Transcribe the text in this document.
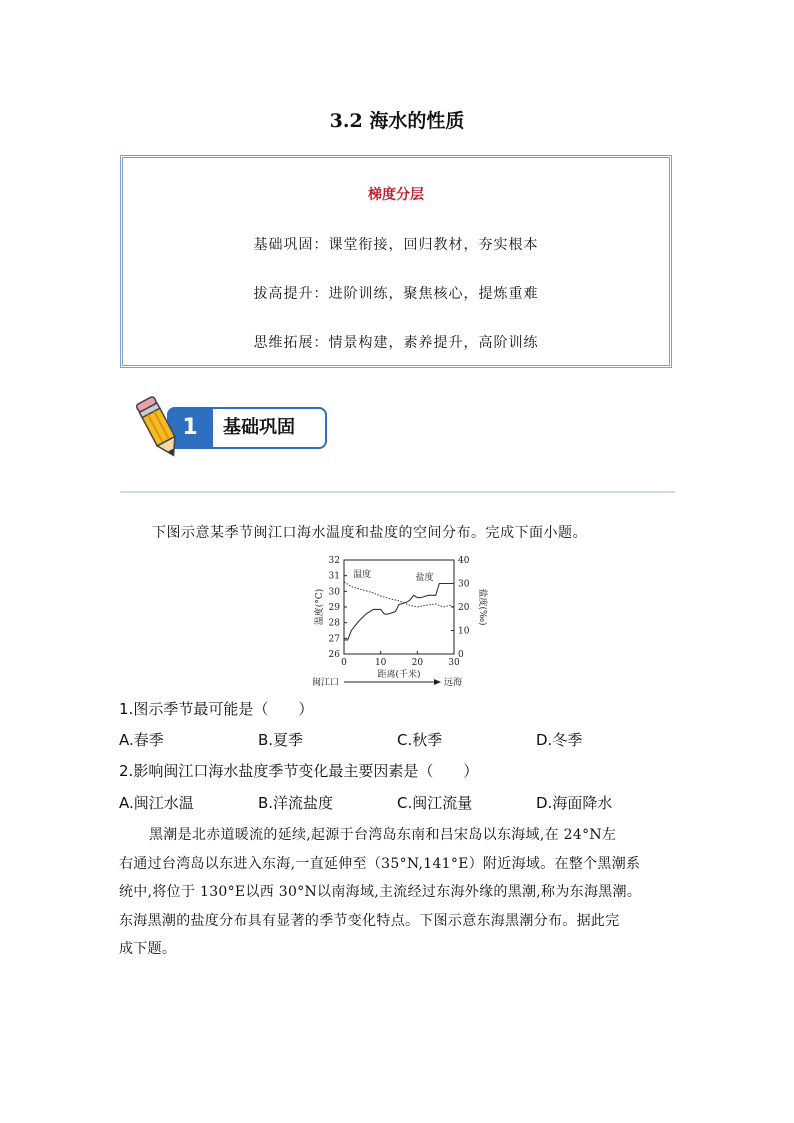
3.2 海水的性质
梯度分层
基础巩固：课堂衔接，回归教材，夯实根本
拔高提升：进阶训练，聚焦核心，提炼重难
思维拓展：情景构建，素养提升，高阶训练
1	基础巩固
下图示意某季节闽江口海水温度和盐度的空间分布。完成下面小题。
0	10	20	30
26
27
28
29
30
31
32
0
10
20
30
40
温度(°C)	盐度(‰)
距离(千米)
温度	盐度
闽江口	远海
1.图示季节最可能是（　　）
A.春季	B.夏季	C.秋季	D.冬季
2.影响闽江口海水盐度季节变化最主要因素是（　　）
A.闽江水温	B.洋流盐度	C.闽江流量	D.海面降水
黑潮是北赤道暖流的延续,起源于台湾岛东南和吕宋岛以东海域,在 24°N左
右通过台湾岛以东进入东海,一直延伸至（35°N,141°E）附近海域。在整个黑潮系
统中,将位于 130°E以西 30°N以南海域,主流经过东海外缘的黑潮,称为东海黑潮。
东海黑潮的盐度分布具有显著的季节变化特点。下图示意东海黑潮分布。据此完
成下题。
